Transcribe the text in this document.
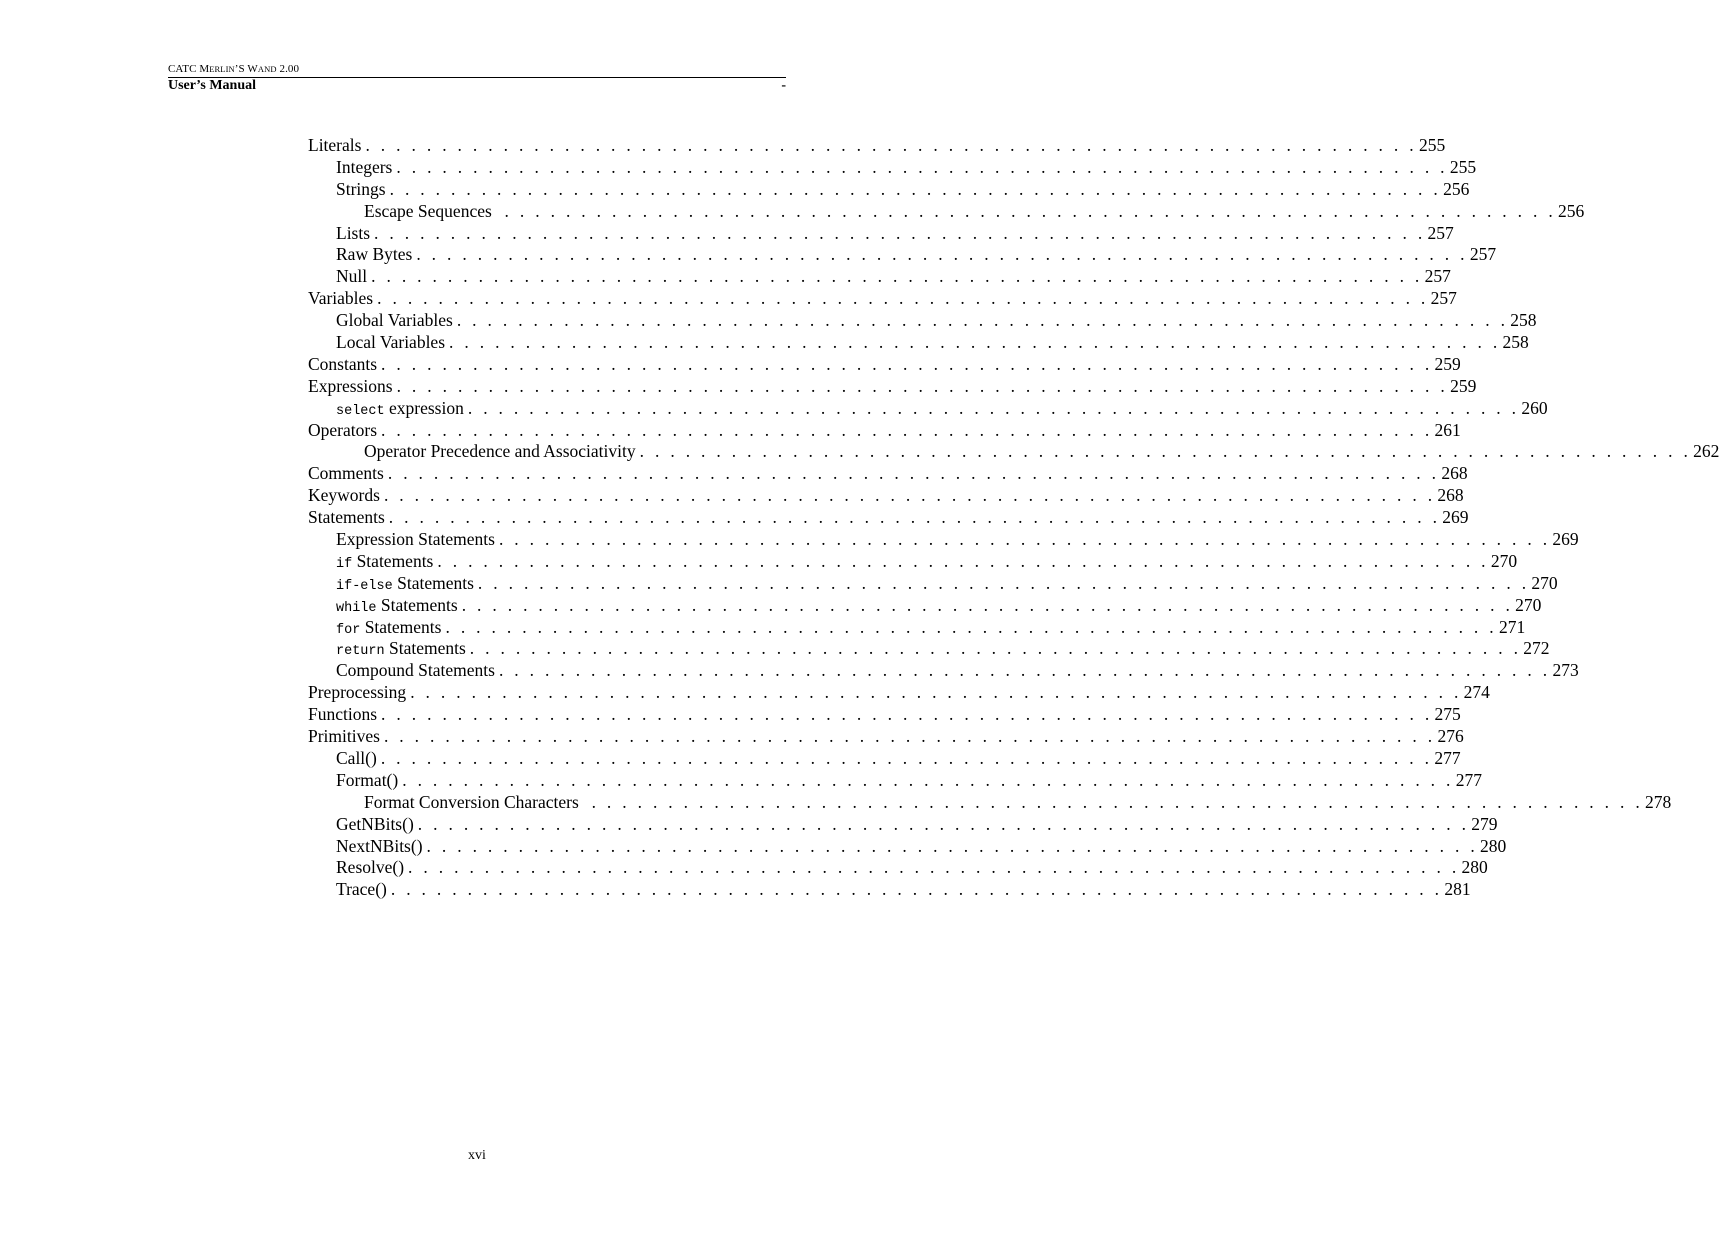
CATC MERLIN’S WAND 2.00
User’s Manual	-
Literals . . . . . . . . . . . . . . . . . . . . . . . . . . . . . . . . . . . . . . . . . . . . . . . . . . . . . . . . . . . . . . . . . . . . . 255
Integers . . . . . . . . . . . . . . . . . . . . . . . . . . . . . . . . . . . . . . . . . . . . . . . . . . . . . . . . . . . . . . . . . . . . . 255
Strings . . . . . . . . . . . . . . . . . . . . . . . . . . . . . . . . . . . . . . . . . . . . . . . . . . . . . . . . . . . . . . . . . . . . . 256
Escape Sequences . . . . . . . . . . . . . . . . . . . . . . . . . . . . . . . . . . . . . . . . . . . . . . . . . . . . . . . . . . . . . . . . . . . . . 256
Lists . . . . . . . . . . . . . . . . . . . . . . . . . . . . . . . . . . . . . . . . . . . . . . . . . . . . . . . . . . . . . . . . . . . . . 257
Raw Bytes . . . . . . . . . . . . . . . . . . . . . . . . . . . . . . . . . . . . . . . . . . . . . . . . . . . . . . . . . . . . . . . . . . . . . 257
Null . . . . . . . . . . . . . . . . . . . . . . . . . . . . . . . . . . . . . . . . . . . . . . . . . . . . . . . . . . . . . . . . . . . . . 257
Variables . . . . . . . . . . . . . . . . . . . . . . . . . . . . . . . . . . . . . . . . . . . . . . . . . . . . . . . . . . . . . . . . . . . . . 257
Global Variables . . . . . . . . . . . . . . . . . . . . . . . . . . . . . . . . . . . . . . . . . . . . . . . . . . . . . . . . . . . . . . . . . . . . . 258
Local Variables . . . . . . . . . . . . . . . . . . . . . . . . . . . . . . . . . . . . . . . . . . . . . . . . . . . . . . . . . . . . . . . . . . . . . 258
Constants . . . . . . . . . . . . . . . . . . . . . . . . . . . . . . . . . . . . . . . . . . . . . . . . . . . . . . . . . . . . . . . . . . . . . 259
Expressions . . . . . . . . . . . . . . . . . . . . . . . . . . . . . . . . . . . . . . . . . . . . . . . . . . . . . . . . . . . . . . . . . . . . . 259
select expression . . . . . . . . . . . . . . . . . . . . . . . . . . . . . . . . . . . . . . . . . . . . . . . . . . . . . . . . . . . . . . . . . . . . . 260
Operators . . . . . . . . . . . . . . . . . . . . . . . . . . . . . . . . . . . . . . . . . . . . . . . . . . . . . . . . . . . . . . . . . . . . . 261
Operator Precedence and Associativity . . . . . . . . . . . . . . . . . . . . . . . . . . . . . . . . . . . . . . . . . . . . . . . . . . . . . . . . . . . . . . . . . . . . . 262
Comments . . . . . . . . . . . . . . . . . . . . . . . . . . . . . . . . . . . . . . . . . . . . . . . . . . . . . . . . . . . . . . . . . . . . . 268
Keywords . . . . . . . . . . . . . . . . . . . . . . . . . . . . . . . . . . . . . . . . . . . . . . . . . . . . . . . . . . . . . . . . . . . . . 268
Statements . . . . . . . . . . . . . . . . . . . . . . . . . . . . . . . . . . . . . . . . . . . . . . . . . . . . . . . . . . . . . . . . . . . . . 269
Expression Statements . . . . . . . . . . . . . . . . . . . . . . . . . . . . . . . . . . . . . . . . . . . . . . . . . . . . . . . . . . . . . . . . . . . . . 269
if Statements . . . . . . . . . . . . . . . . . . . . . . . . . . . . . . . . . . . . . . . . . . . . . . . . . . . . . . . . . . . . . . . . . . . . . 270
if-else Statements . . . . . . . . . . . . . . . . . . . . . . . . . . . . . . . . . . . . . . . . . . . . . . . . . . . . . . . . . . . . . . . . . . . . . 270
while Statements . . . . . . . . . . . . . . . . . . . . . . . . . . . . . . . . . . . . . . . . . . . . . . . . . . . . . . . . . . . . . . . . . . . . . 270
for Statements . . . . . . . . . . . . . . . . . . . . . . . . . . . . . . . . . . . . . . . . . . . . . . . . . . . . . . . . . . . . . . . . . . . . . 271
return Statements . . . . . . . . . . . . . . . . . . . . . . . . . . . . . . . . . . . . . . . . . . . . . . . . . . . . . . . . . . . . . . . . . . . . . 272
Compound Statements . . . . . . . . . . . . . . . . . . . . . . . . . . . . . . . . . . . . . . . . . . . . . . . . . . . . . . . . . . . . . . . . . . . . . 273
Preprocessing . . . . . . . . . . . . . . . . . . . . . . . . . . . . . . . . . . . . . . . . . . . . . . . . . . . . . . . . . . . . . . . . . . . . . 274
Functions . . . . . . . . . . . . . . . . . . . . . . . . . . . . . . . . . . . . . . . . . . . . . . . . . . . . . . . . . . . . . . . . . . . . . 275
Primitives . . . . . . . . . . . . . . . . . . . . . . . . . . . . . . . . . . . . . . . . . . . . . . . . . . . . . . . . . . . . . . . . . . . . . 276
Call() . . . . . . . . . . . . . . . . . . . . . . . . . . . . . . . . . . . . . . . . . . . . . . . . . . . . . . . . . . . . . . . . . . . . . 277
Format() . . . . . . . . . . . . . . . . . . . . . . . . . . . . . . . . . . . . . . . . . . . . . . . . . . . . . . . . . . . . . . . . . . . . . 277
Format Conversion Characters . . . . . . . . . . . . . . . . . . . . . . . . . . . . . . . . . . . . . . . . . . . . . . . . . . . . . . . . . . . . . . . . . . . . . 278
GetNBits() . . . . . . . . . . . . . . . . . . . . . . . . . . . . . . . . . . . . . . . . . . . . . . . . . . . . . . . . . . . . . . . . . . . . . 279
NextNBits() . . . . . . . . . . . . . . . . . . . . . . . . . . . . . . . . . . . . . . . . . . . . . . . . . . . . . . . . . . . . . . . . . . . . . 280
Resolve() . . . . . . . . . . . . . . . . . . . . . . . . . . . . . . . . . . . . . . . . . . . . . . . . . . . . . . . . . . . . . . . . . . . . . 280
Trace() . . . . . . . . . . . . . . . . . . . . . . . . . . . . . . . . . . . . . . . . . . . . . . . . . . . . . . . . . . . . . . . . . . . . . 281
xvi
